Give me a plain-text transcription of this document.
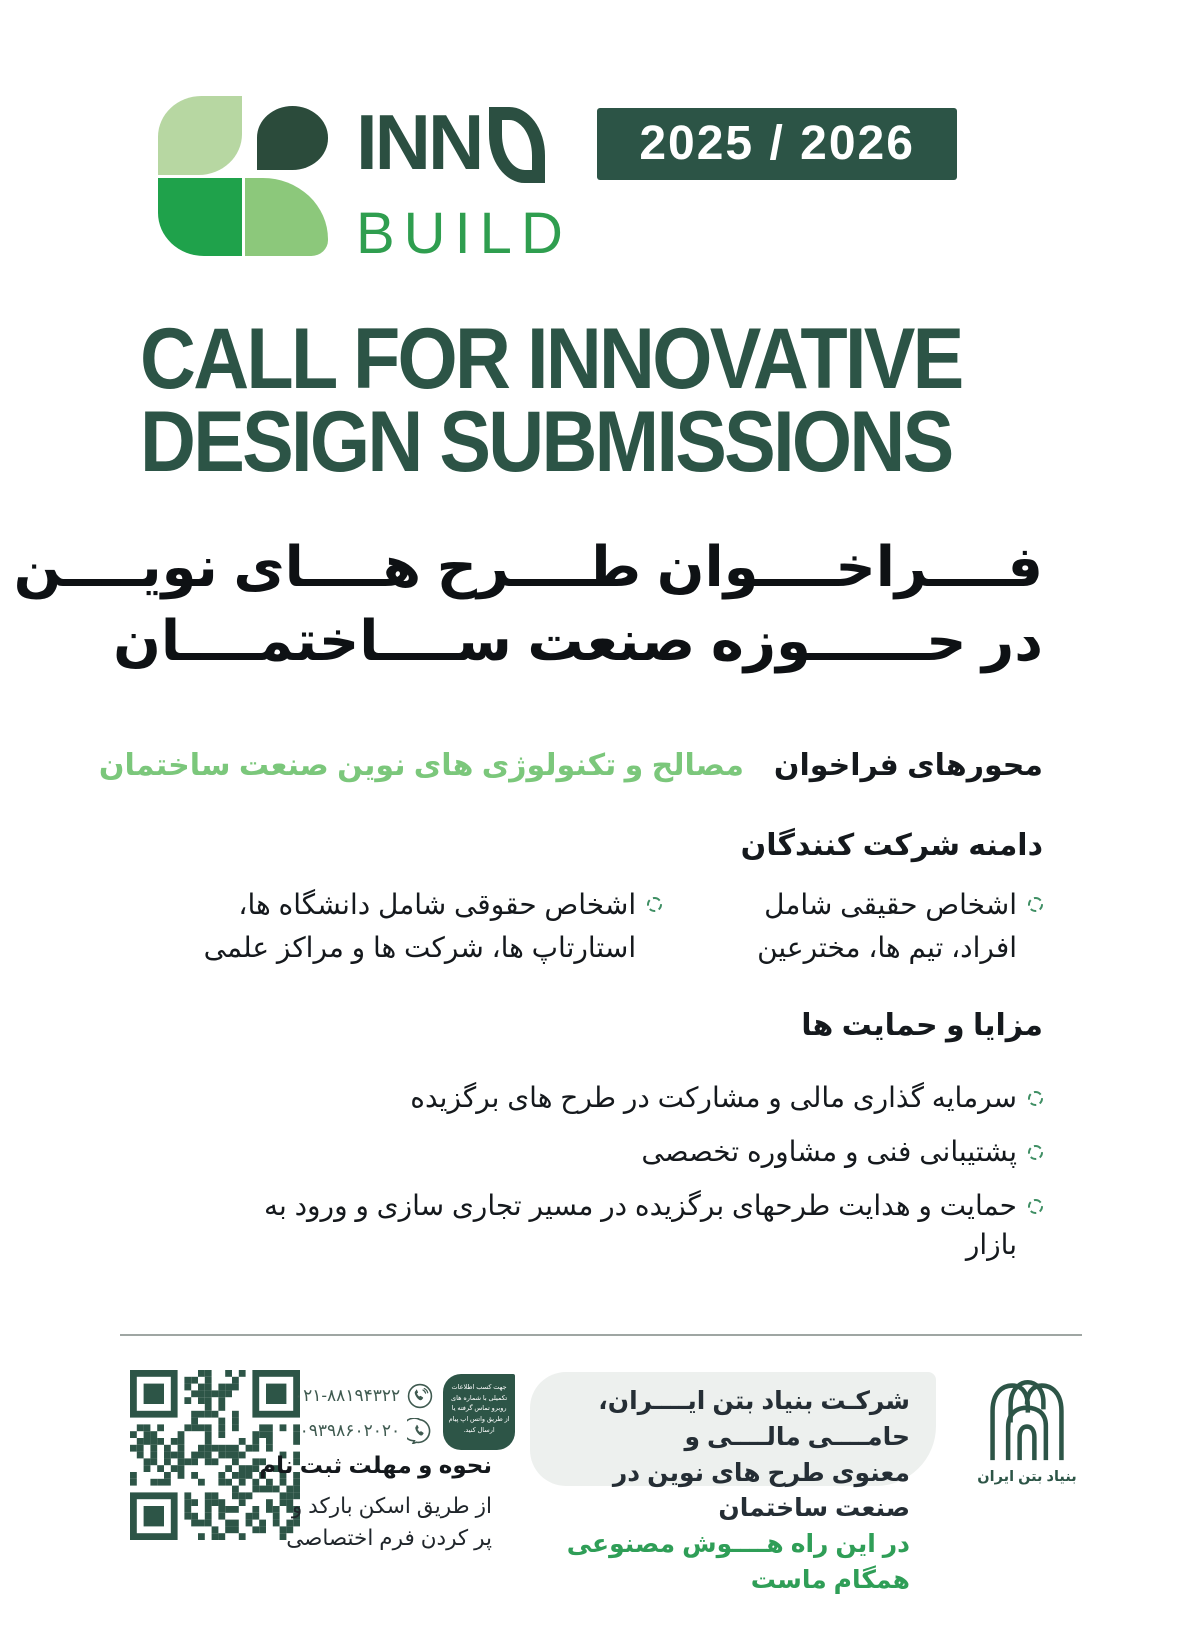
INN	2025 / 2026
BUILD
CALL FOR INNOVATIVE
DESIGN SUBMISSIONS
فــــراخــــوان طــــرح هــــای نویــــن
در حــــــوزه صنعت ســــاختمــــان
محورهای فراخوان
مصالح و تکنولوژی های نوین صنعت ساختمان
دامنه شرکت کنندگان
اشخاص حقیقی شامل
افراد، تیم ها، مخترعین
اشخاص حقوقی شامل دانشگاه ها،
استارتاپ ها، شرکت ها و مراکز علمی
مزایا و حمایت ها
سرمایه گذاری مالی و مشارکت در طرح های برگزیده
پشتیبانی فنی و مشاوره تخصصی
حمایت و هدایت طرحهای برگزیده در مسیر تجاری سازی و ورود به
بازار
جهت کسب اطلاعات
تکمیلی با شماره های
روبرو تماس گرفته یا
از طریق واتس اپ پیام
ارسال کنید.
۰۲۱-۸۸۱۹۴۳۲۲
۰۹۳۹۸۶۰۲۰۲۰
نحوه و مهلت ثبت نام
از طریق اسکن بارکد و
پر کردن فرم اختصاصی
شرکـت بنیاد بتن ایــــران، حامــــی مالــــی و
معنوی طرح های نوین در صنعت ساختمان
در این راه هــــوش مصنوعی همگام ماست
بنیاد بتن ایران
